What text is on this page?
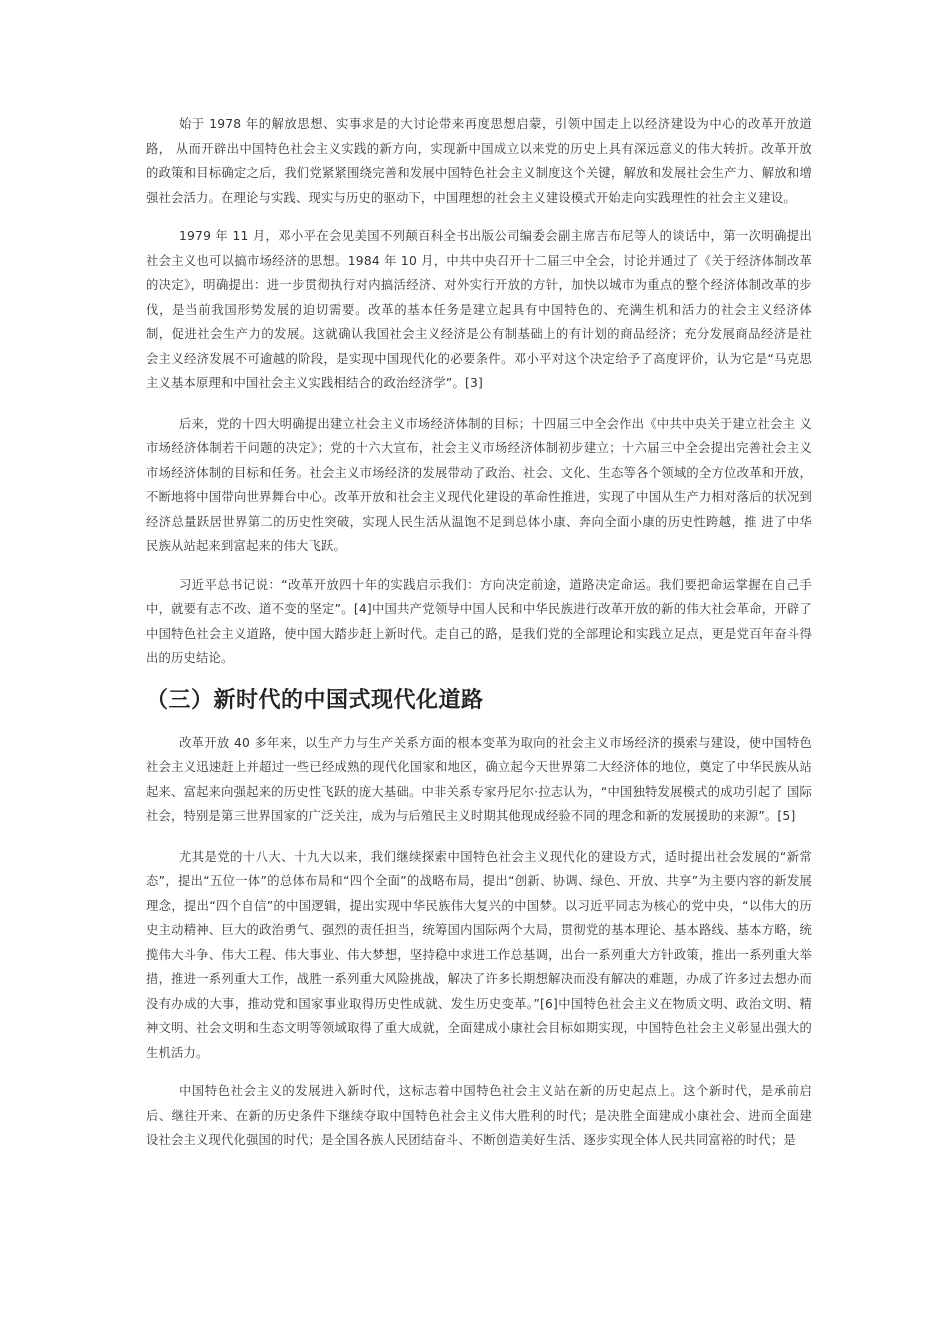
始于 1978 年的解放思想、实事求是的大讨论带来再度思想启蒙，引领中国走上以经济建设为中心的改革开放道路， 从而开辟出中国特色社会主义实践的新方向，实现新中国成立以来党的历史上具有深远意义的伟大转折。改革开放的政策和目标确定之后，我们党紧紧围绕完善和发展中国特色社会主义制度这个关键，解放和发展社会生产力、解放和增强社会活力。在理论与实践、现实与历史的驱动下，中国理想的社会主义建设模式开始走向实践理性的社会主义建设。

1979 年 11 月，邓小平在会见美国不列颠百科全书出版公司编委会副主席吉布尼等人的谈话中，第一次明确提出社会主义也可以搞市场经济的思想。1984 年 10 月，中共中央召开十二届三中全会，讨论并通过了《关于经济体制改革的决定》，明确提出：进一步贯彻执行对内搞活经济、对外实行开放的方针，加快以城市为重点的整个经济体制改革的步伐，是当前我国形势发展的迫切需要。改革的基本任务是建立起具有中国特色的、充满生机和活力的社会主义经济体 制，促进社会生产力的发展。这就确认我国社会主义经济是公有制基础上的有计划的商品经济；充分发展商品经济是社 会主义经济发展不可逾越的阶段，是实现中国现代化的必要条件。邓小平对这个决定给予了高度评价，认为它是“马克思主义基本原理和中国社会主义实践相结合的政治经济学”。[3]

后来，党的十四大明确提出建立社会主义市场经济体制的目标；十四届三中全会作出《中共中央关于建立社会主 义市场经济体制若干问题的决定》；党的十六大宣布，社会主义市场经济体制初步建立；十六届三中全会提出完善社会主义市场经济体制的目标和任务。社会主义市场经济的发展带动了政治、社会、文化、生态等各个领域的全方位改革和开放，不断地将中国带向世界舞台中心。改革开放和社会主义现代化建设的革命性推进，实现了中国从生产力相对落后的状况到经济总量跃居世界第二的历史性突破，实现人民生活从温饱不足到总体小康、奔向全面小康的历史性跨越，推 进了中华民族从站起来到富起来的伟大飞跃。

习近平总书记说：“改革开放四十年的实践启示我们：方向决定前途，道路决定命运。我们要把命运掌握在自己手中，就要有志不改、道不变的坚定”。[4]中国共产党领导中国人民和中华民族进行改革开放的新的伟大社会革命，开辟了中国特色社会主义道路，使中国大踏步赶上新时代。走自己的路，是我们党的全部理论和实践立足点，更是党百年奋斗得出的历史结论。

（三）新时代的中国式现代化道路

改革开放 40 多年来，以生产力与生产关系方面的根本变革为取向的社会主义市场经济的摸索与建设，使中国特色社会主义迅速赶上并超过一些已经成熟的现代化国家和地区，确立起今天世界第二大经济体的地位，奠定了中华民族从站起来、富起来向强起来的历史性飞跃的庞大基础。中非关系专家丹尼尔·拉志认为，“中国独特发展模式的成功引起了 国际社会，特别是第三世界国家的广泛关注，成为与后殖民主义时期其他现成经验不同的理念和新的发展援助的来源”。[5]

尤其是党的十八大、十九大以来，我们继续探索中国特色社会主义现代化的建设方式，适时提出社会发展的“新常态”，提出“五位一体”的总体布局和“四个全面”的战略布局，提出“创新、协调、绿色、开放、共享”为主要内容的新发展理念，提出“四个自信”的中国逻辑，提出实现中华民族伟大复兴的中国梦。以习近平同志为核心的党中央，“以伟大的历史主动精神、巨大的政治勇气、强烈的责任担当，统筹国内国际两个大局，贯彻党的基本理论、基本路线、基本方略，统揽伟大斗争、伟大工程、伟大事业、伟大梦想，坚持稳中求进工作总基调，出台一系列重大方针政策，推出一系列重大举措，推进一系列重大工作，战胜一系列重大风险挑战，解决了许多长期想解决而没有解决的难题，办成了许多过去想办而没有办成的大事，推动党和国家事业取得历史性成就、发生历史变革。”[6]中国特色社会主义在物质文明、政治文明、精神文明、社会文明和生态文明等领域取得了重大成就，全面建成小康社会目标如期实现，中国特色社会主义彰显出强大的生机活力。

中国特色社会主义的发展进入新时代，这标志着中国特色社会主义站在新的历史起点上。这个新时代，是承前启 后、继往开来、在新的历史条件下继续夺取中国特色社会主义伟大胜利的时代；是决胜全面建成小康社会、进而全面建 设社会主义现代化强国的时代；是全国各族人民团结奋斗、不断创造美好生活、逐步实现全体人民共同富裕的时代；是
